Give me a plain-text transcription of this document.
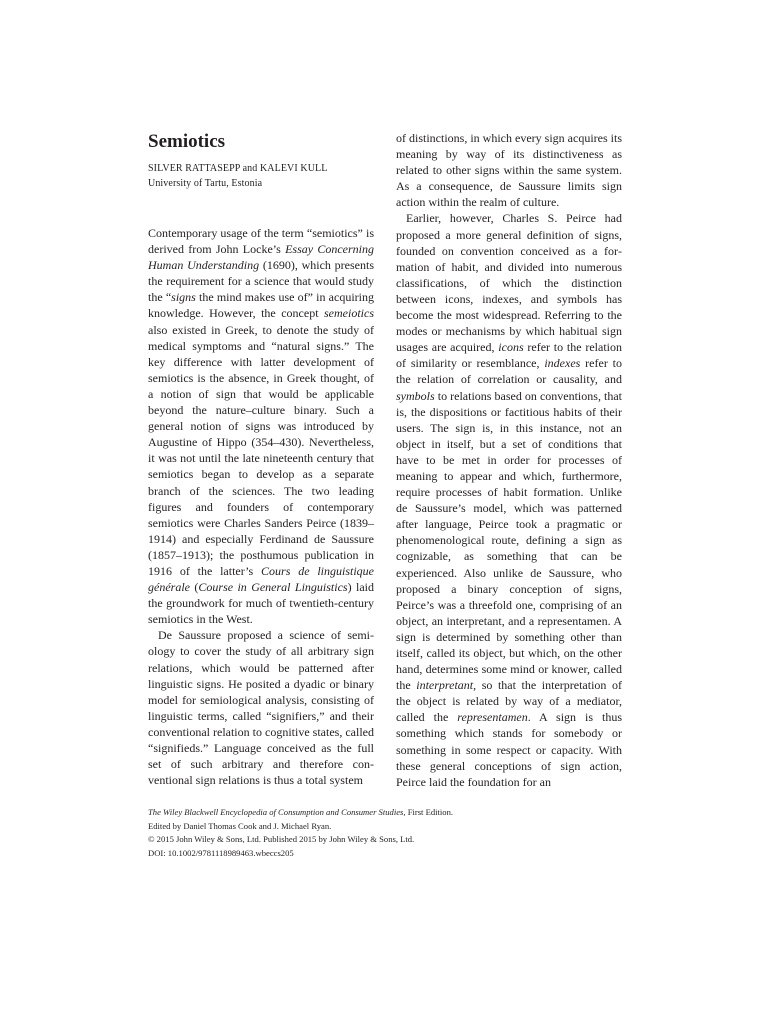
Semiotics
SILVER RATTASEPP and KALEVI KULL
University of Tartu, Estonia

Contemporary usage of the term “semiotics” is derived from John Locke’s Essay Concerning Human Understanding (1690), which presents the requirement for a science that would study the “signs the mind makes use of” in acquiring knowledge. However, the concept semeiotics also existed in Greek, to denote the study of medical symptoms and “natural signs.” The key difference with latter development of semiotics is the absence, in Greek thought, of a notion of sign that would be applicable beyond the nature–culture binary. Such a general notion of signs was introduced by Augustine of Hippo (354–430). Nevertheless, it was not until the late nineteenth century that semiotics began to develop as a separate branch of the sciences. The two leading figures and founders of contemporary semiotics were Charles Sanders Peirce (1839–1914) and especially Ferdinand de Saussure (1857–1913); the posthumous publication in 1916 of the latter’s Cours de linguistique générale (Course in General Linguistics) laid the groundwork for much of twentieth-century semiotics in the West.

De Saussure proposed a science of semiology to cover the study of all arbitrary sign relations, which would be patterned after linguistic signs. He posited a dyadic or binary model for semiological analysis, consisting of linguistic terms, called “signifiers,” and their conventional relation to cognitive states, called “signifieds.” Language conceived as the full set of such arbitrary and therefore conventional sign relations is thus a total system

of distinctions, in which every sign acquires its meaning by way of its distinctiveness as related to other signs within the same system. As a consequence, de Saussure limits sign action within the realm of culture.

Earlier, however, Charles S. Peirce had proposed a more general definition of signs, founded on convention conceived as a formation of habit, and divided into numerous classifications, of which the distinction between icons, indexes, and symbols has become the most widespread. Referring to the modes or mechanisms by which habitual sign usages are acquired, icons refer to the relation of similarity or resemblance, indexes refer to the relation of correlation or causality, and symbols to relations based on conventions, that is, the dispositions or factitious habits of their users. The sign is, in this instance, not an object in itself, but a set of conditions that have to be met in order for processes of meaning to appear and which, furthermore, require processes of habit formation. Unlike de Saussure’s model, which was patterned after language, Peirce took a pragmatic or phenomenological route, defining a sign as cognizable, as something that can be experienced. Also unlike de Saussure, who proposed a binary conception of signs, Peirce’s was a threefold one, comprising of an object, an interpretant, and a representamen. A sign is determined by something other than itself, called its object, but which, on the other hand, determines some mind or knower, called the interpretant, so that the interpretation of the object is related by way of a mediator, called the representamen. A sign is thus something which stands for somebody or something in some respect or capacity. With these general conceptions of sign action, Peirce laid the foundation for an

The Wiley Blackwell Encyclopedia of Consumption and Consumer Studies, First Edition.
Edited by Daniel Thomas Cook and J. Michael Ryan.
© 2015 John Wiley & Sons, Ltd. Published 2015 by John Wiley & Sons, Ltd.
DOI: 10.1002/9781118989463.wbeccs205
